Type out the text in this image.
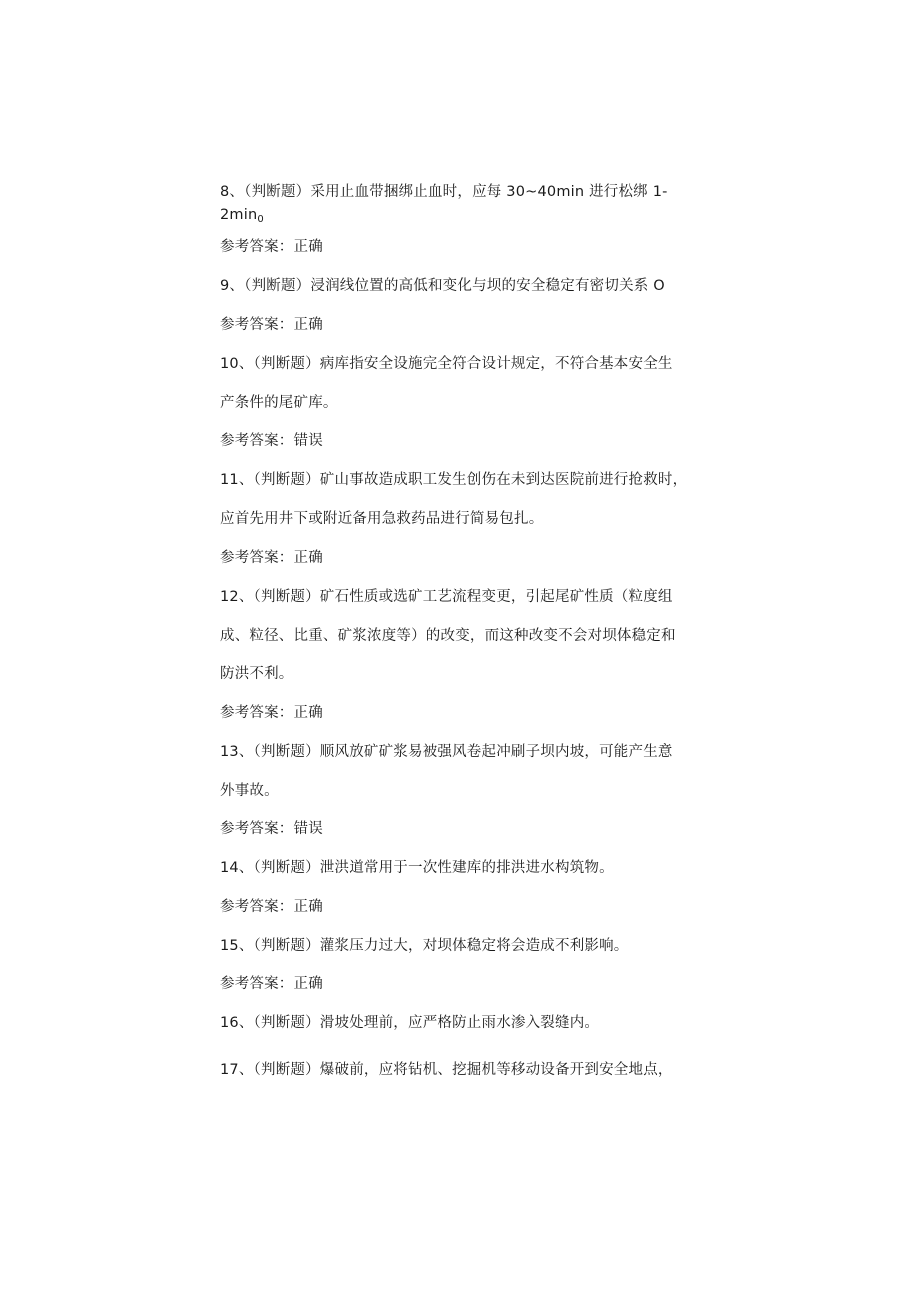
8、（判断题）采用止血带捆绑止血时，应每 30~40min 进行松绑 1-
$2\min_0$
参考答案：正确
9、（判断题）浸润线位置的高低和变化与坝的安全稳定有密切关系 O
参考答案：正确
10、（判断题）病库指安全设施完全符合设计规定，不符合基本安全生
产条件的尾矿库。
参考答案：错误
11、（判断题）矿山事故造成职工发生创伤在未到达医院前进行抢救时，
应首先用井下或附近备用急救药品进行简易包扎。
参考答案：正确
12、（判断题）矿石性质或选矿工艺流程变更，引起尾矿性质（粒度组
成、粒径、比重、矿浆浓度等）的改变，而这种改变不会对坝体稳定和
防洪不利。
参考答案：正确
13、（判断题）顺风放矿矿浆易被强风卷起冲刷子坝内坡，可能产生意
外事故。
参考答案：错误
14、（判断题）泄洪道常用于一次性建库的排洪进水构筑物。
参考答案：正确
15、（判断题）灌浆压力过大，对坝体稳定将会造成不利影响。
参考答案：正确
16、（判断题）滑坡处理前，应严格防止雨水渗入裂缝内。
17、（判断题）爆破前，应将钻机、挖掘机等移动设备开到安全地点，
